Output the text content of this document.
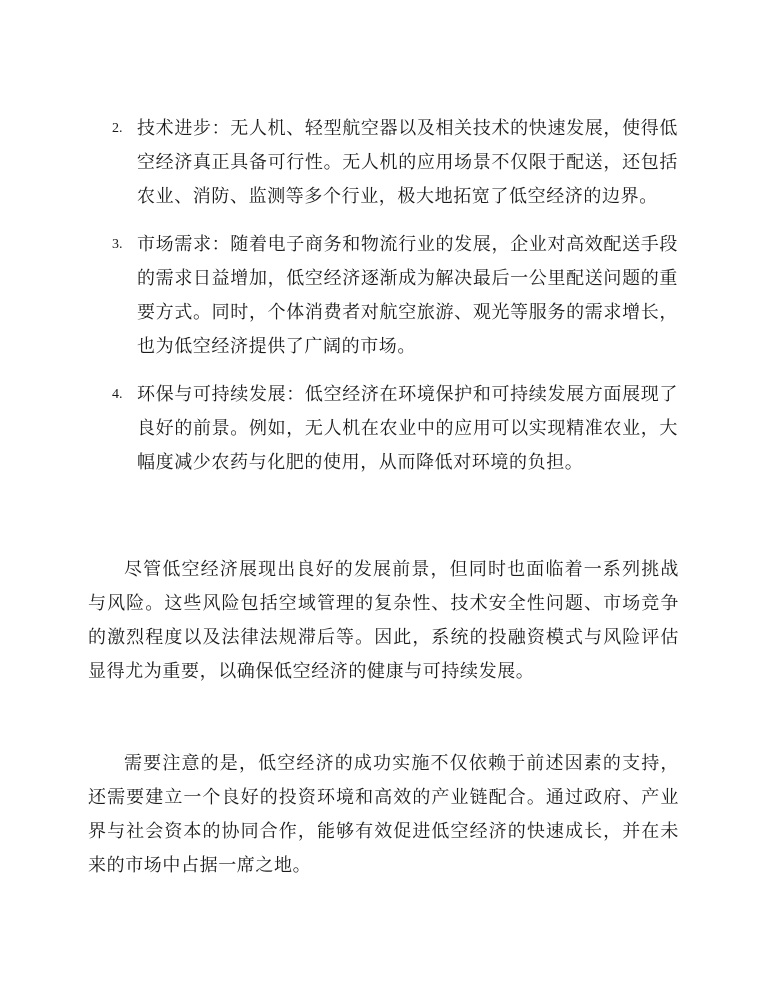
2. 技术进步：无人机、轻型航空器以及相关技术的快速发展，使得低空经济真正具备可行性。无人机的应用场景不仅限于配送，还包括农业、消防、监测等多个行业，极大地拓宽了低空经济的边界。
3. 市场需求：随着电子商务和物流行业的发展，企业对高效配送手段的需求日益增加，低空经济逐渐成为解决最后一公里配送问题的重要方式。同时，个体消费者对航空旅游、观光等服务的需求增长，也为低空经济提供了广阔的市场。
4. 环保与可持续发展：低空经济在环境保护和可持续发展方面展现了良好的前景。例如，无人机在农业中的应用可以实现精准农业，大幅度减少农药与化肥的使用，从而降低对环境的负担。

尽管低空经济展现出良好的发展前景，但同时也面临着一系列挑战与风险。这些风险包括空域管理的复杂性、技术安全性问题、市场竞争的激烈程度以及法律法规滞后等。因此，系统的投融资模式与风险评估显得尤为重要，以确保低空经济的健康与可持续发展。

需要注意的是，低空经济的成功实施不仅依赖于前述因素的支持，还需要建立一个良好的投资环境和高效的产业链配合。通过政府、产业界与社会资本的协同合作，能够有效促进低空经济的快速成长，并在未来的市场中占据一席之地。
